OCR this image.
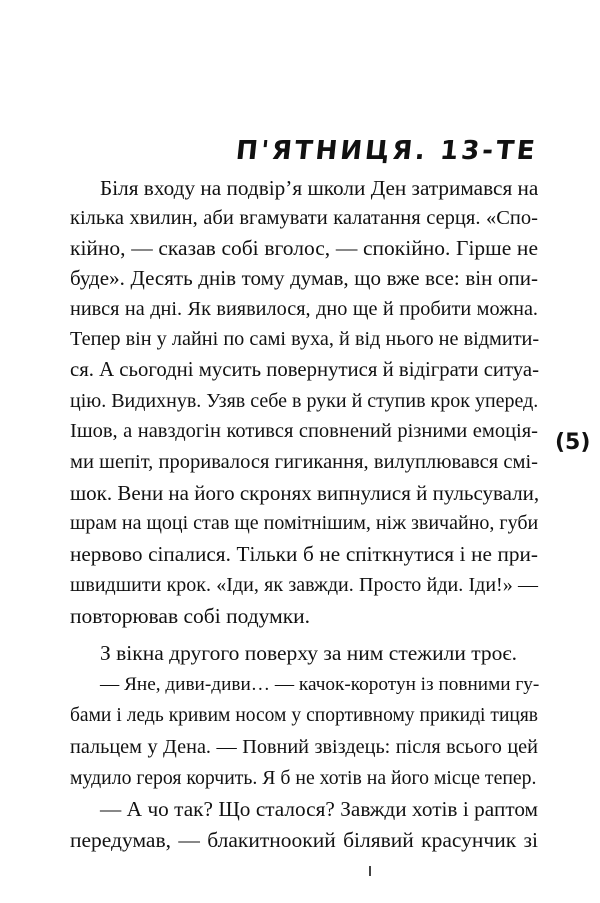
П'ЯТНИЦЯ. 13-ТЕ
Біля входу на подвір’я школи Ден затримався на
кілька хвилин, аби вгамувати калатання серця. «Спо-
кійно, — сказав собі вголос, — спокійно. Гірше не
буде». Десять днів тому думав, що вже все: він опи-
нився на дні. Як виявилося, дно ще й пробити можна.
Тепер він у лайні по самі вуха, й від нього не відмити-
ся. А сьогодні мусить повернутися й відіграти ситуа-
цію. Видихнув. Узяв себе в руки й ступив крок уперед.
Ішов, а навздогін котився сповнений різними емоція-
ми шепіт, проривалося гигикання, вилуплювався смі-
шок. Вени на його скронях випнулися й пульсували,
шрам на щоці став ще помітнішим, ніж звичайно, губи
нервово сіпалися. Тільки б не спіткнутися і не при-
швидшити крок. «Іди, як завжди. Просто йди. Іди!» —
повторював собі подумки.
З вікна другого поверху за ним стежили троє.
— Яне, диви-диви… — качок-коротун із повними гу-
бами і ледь кривим носом у спортивному прикиді тицяв
пальцем у Дена. — Повний звіздець: після всього цей
мудило героя корчить. Я б не хотів на його місце тепер.
— А чо так? Що сталося? Завжди хотів і раптом
передумав, — блакитноокий білявий красунчик зі
(5)
